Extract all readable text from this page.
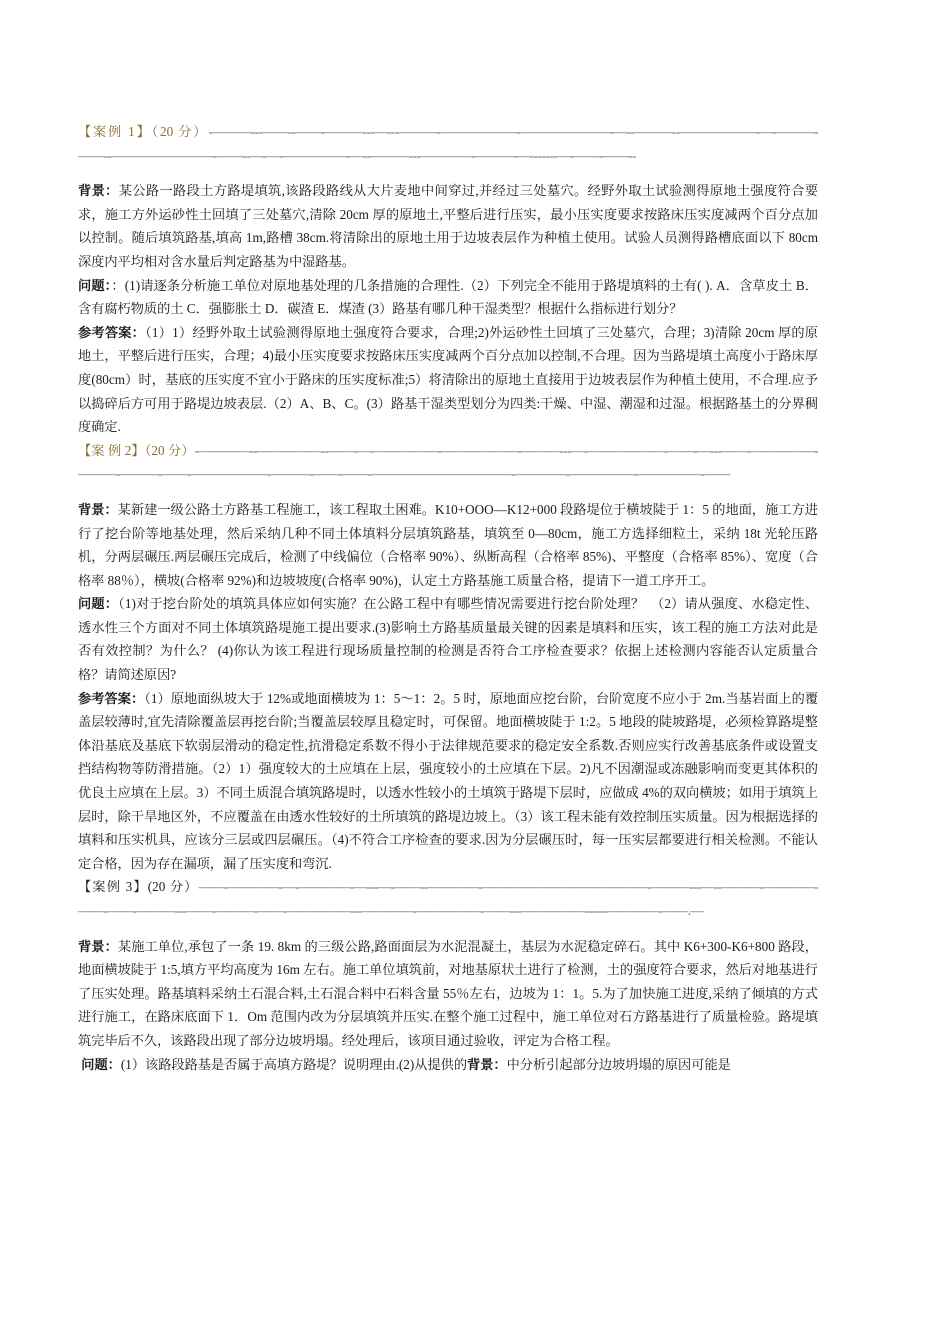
【案例 1】（20 分）-———---——--——-———---—---———-——————-———————-—--———--——————-—-———-——--————————-——--—-—-—————-—--———---————-———-—-------—-——-——--

背景：某公路一路段土方路堤填筑,该路段路线从大片麦地中间穿过,并经过三处墓穴。经野外取土试验测得原地土强度符合要求，施工方外运砂性土回填了三处墓穴,清除 20cm 厚的原地土,平整后进行压实，最小压实度要求按路床压实度减两个百分点加以控制。随后填筑路基,填高 1m,路槽 38cm.将清除出的原地土用于边坡表层作为种植土使用。试验人员测得路槽底面以下 80cm 深度内平均相对含水量后判定路基为中湿路基。

问题：：(1)请逐条分析施工单位对原地基处理的几条措施的合理性.（2）下列完全不能用于路堤填料的土有( ). A．含草皮土 B．含有腐朽物质的土 C．强膨胀土 D．碳渣 E．煤渣 (3）路基有哪几种干湿类型？根据什么指标进行划分？

参考答案：（1）1）经野外取土试验测得原地土强度符合要求，合理;2)外运砂性土回填了三处墓穴，合理；3)清除 20cm 厚的原地土，平整后进行压实，合理；4)最小压实度要求按路床压实度减两个百分点加以控制,不合理。因为当路堤填土高度小于路床厚度(80cm）时，基底的压实度不宜小于路床的压实度标准;5）将清除出的原地土直接用于边坡表层作为种植土使用，不合理.应予以捣碎后方可用于路堤边坡表层.（2）A、B、C。(3）路基干湿类型划分为四类:干燥、中湿、潮湿和过湿。根据路基土的分界稠度确定.

【案 例 2】（20 分）-————--—————--——-—-—————-——————-———---—-——————-——-—---——-—————-———-———-——-——————-———-——-——-———————————-————-—————-—————-——

背景：某新建一级公路土方路基工程施工，该工程取土困难。K10+OOO—K12+000 段路堤位于横坡陡于 1：5 的地面，施工方进行了挖台阶等地基处理，然后采纳几种不同土体填料分层填筑路基，填筑至 0—80cm，施工方选择细粒土，采纳 18t 光轮压路机，分两层碾压.两层碾压完成后，检测了中线偏位（合格率 90%）、纵断高程（合格率 85%)、平整度（合格率 85%）、宽度（合格率 88％），横坡(合格率 92%)和边坡坡度(合格率 90%)，认定土方路基施工质量合格，提请下一道工序开工。

问题：（1)对于挖台阶处的填筑具体应如何实施？在公路工程中有哪些情况需要进行挖台阶处理？　（2）请从强度、水稳定性、透水性三个方面对不同土体填筑路堤施工提出要求.(3)影响土方路基质量最关键的因素是填料和压实，该工程的施工方法对此是否有效控制？为什么？ (4)你认为该工程进行现场质量控制的检测是否符合工序检查要求？依据上述检测内容能否认定质量合格？请简述原因?

参考答案：（1）原地面纵坡大于 12%或地面横坡为 1：5～1：2。5 时，原地面应挖台阶，台阶宽度不应小于 2m.当基岩面上的覆盖层较薄时,宜先清除覆盖层再挖台阶;当覆盖层较厚且稳定时，可保留。地面横坡陡于 1:2。5 地段的陡坡路堤，必须检算路堤整体沿基底及基底下软弱层滑动的稳定性,抗滑稳定系数不得小于法律规范要求的稳定安全系数.否则应实行改善基底条件或设置支挡结构物等防滑措施。（2）1）强度较大的土应填在上层，强度较小的土应填在下层。2)凡不因潮湿或冻融影响而变更其体积的优良土应填在上层。3）不同土质混合填筑路堤时，以透水性较小的土填筑于路堤下层时，应做成 4%的双向横坡；如用于填筑上层时，除干旱地区外，不应覆盖在由透水性较好的土所填筑的路堤边坡上。（3）该工程未能有效控制压实质量。因为根据选择的填料和压实机具，应该分三层或四层碾压。（4)不符合工序检查的要求.因为分层碾压时，每一压实层都要进行相关检测。不能认定合格，因为存在漏项，漏了压实度和弯沉.

【案例 3】(20 分）——-————-—-————-—---—-——--————-—————————————-———---—--———-————-——-——-———---——-———-——-—————---————-—————-——---—————------————-——.—

背景：某施工单位,承包了一条 19. 8km 的三级公路,路面面层为水泥混凝土，基层为水泥稳定碎石。其中 K6+300-K6+800 路段，地面横坡陡于 1:5,填方平均高度为 16m 左右。施工单位填筑前，对地基原状土进行了检测，土的强度符合要求，然后对地基进行了压实处理。路基填料采纳土石混合料,土石混合料中石料含量 55％左右，边坡为 1：1。5.为了加快施工进度,采纳了倾填的方式进行施工，在路床底面下 1．Om 范围内改为分层填筑并压实.在整个施工过程中，施工单位对石方路基进行了质量检验。路堤填筑完毕后不久，该路段出现了部分边坡坍塌。经处理后，该项目通过验收，评定为合格工程。

问题：(1）该路段路基是否属于高填方路堤？说明理由.(2)从提供的背景：中分析引起部分边坡坍塌的原因可能是
